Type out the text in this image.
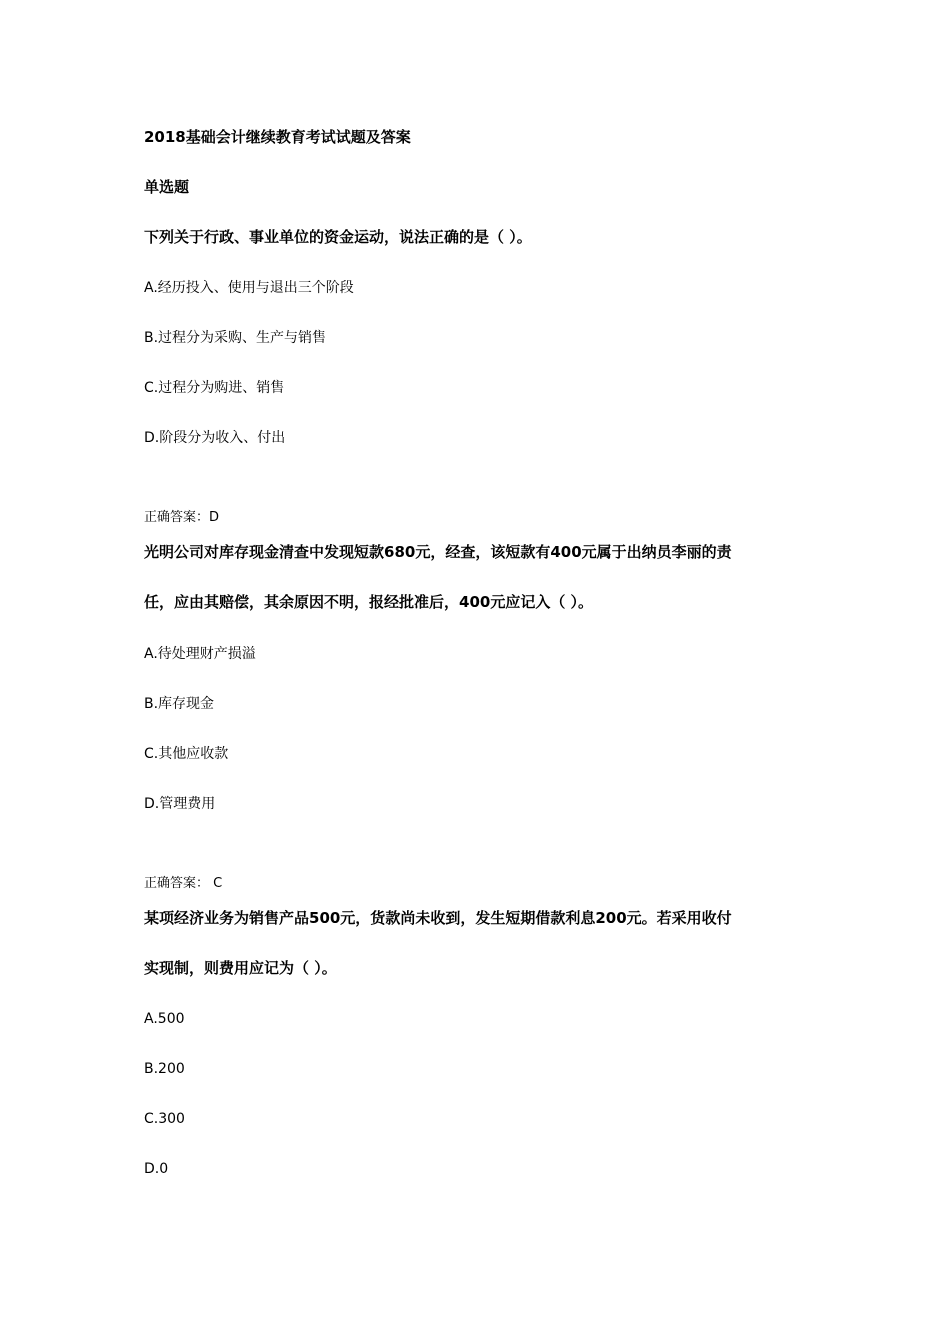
2018基础会计继续教育考试试题及答案
单选题
下列关于行政、事业单位的资金运动，说法正确的是（ ）。
A.经历投入、使用与退出三个阶段
B.过程分为采购、生产与销售
C.过程分为购进、销售
D.阶段分为收入、付出
正确答案：D
光明公司对库存现金清查中发现短款680元，经查，该短款有400元属于出纳员李丽的责
任，应由其赔偿，其余原因不明，报经批准后，400元应记入（ ）。
A.待处理财产损溢
B.库存现金
C.其他应收款
D.管理费用
正确答案： C
某项经济业务为销售产品500元，货款尚未收到，发生短期借款利息200元。若采用收付
实现制，则费用应记为（ ）。
A.500
B.200
C.300
D.0
